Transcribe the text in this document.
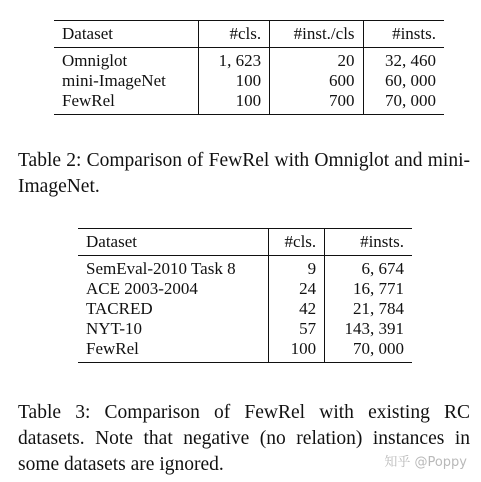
Dataset	#cls.	#inst./cls	#insts.
Omniglot	1, 623	20	32, 460
mini-ImageNet	100	600	60, 000
FewRel	100	700	70, 000
Table 2: Comparison of FewRel with Omniglot and mini-ImageNet.
Dataset	#cls.	#insts.
SemEval-2010 Task 8	9	6, 674
ACE 2003-2004	24	16, 771
TACRED	42	21, 784
NYT-10	57	143, 391
FewRel	100	70, 000
Table 3: Comparison of FewRel with existing RC datasets. Note that negative (no relation) instances in some datasets are ignored.	知乎 @Poppy
